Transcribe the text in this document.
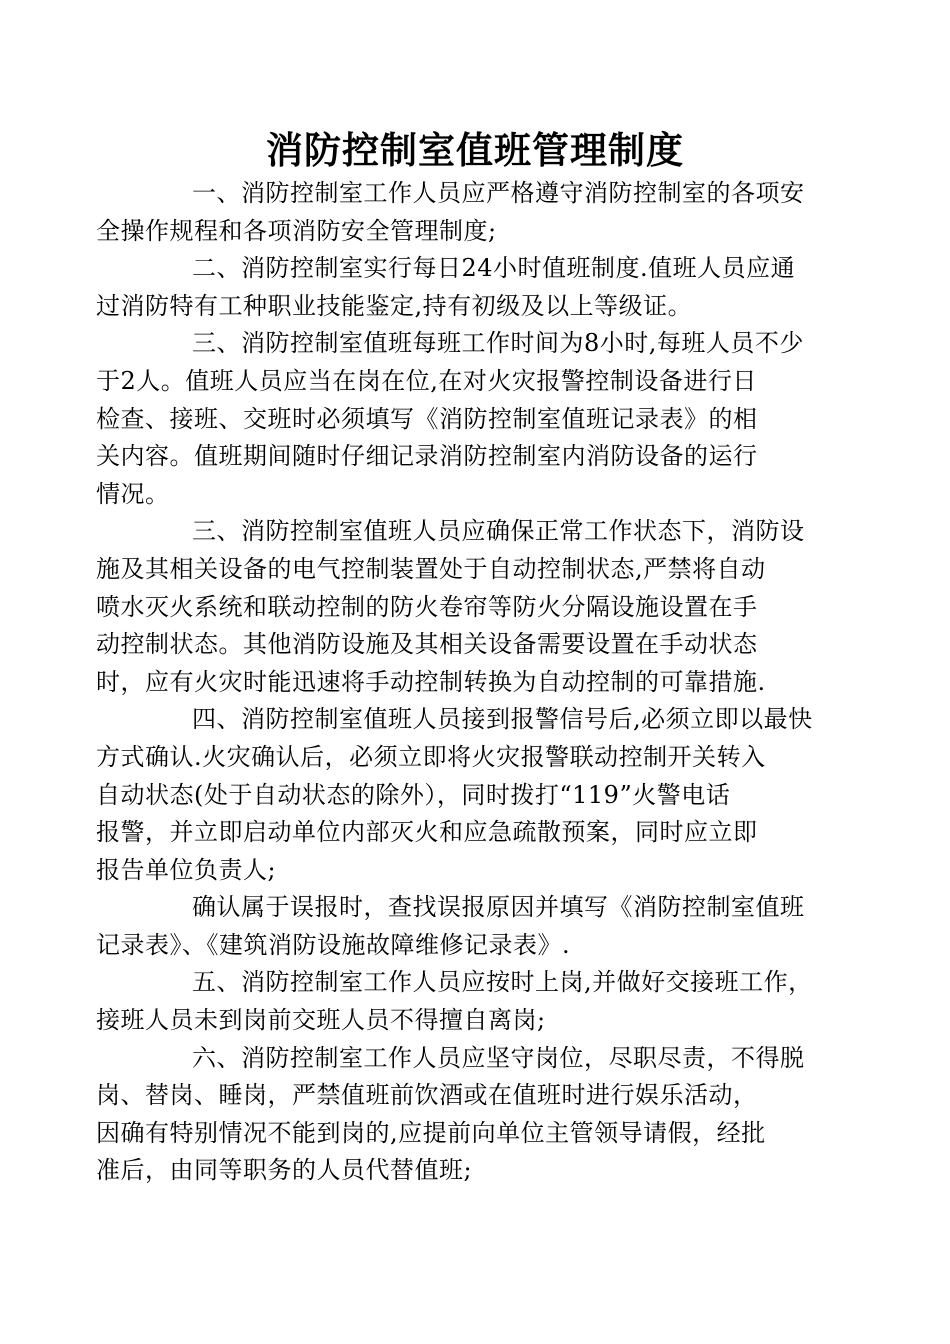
消防控制室值班管理制度
一、消防控制室工作人员应严格遵守消防控制室的各项安
全操作规程和各项消防安全管理制度;
二、消防控制室实行每日24小时值班制度.值班人员应通
过消防特有工种职业技能鉴定,持有初级及以上等级证。
三、消防控制室值班每班工作时间为8小时,每班人员不少
于2人。值班人员应当在岗在位,在对火灾报警控制设备进行日
检查、接班、交班时必须填写《消防控制室值班记录表》的相
关内容。值班期间随时仔细记录消防控制室内消防设备的运行
情况。
三、消防控制室值班人员应确保正常工作状态下，消防设
施及其相关设备的电气控制装置处于自动控制状态,严禁将自动
喷水灭火系统和联动控制的防火卷帘等防火分隔设施设置在手
动控制状态。其他消防设施及其相关设备需要设置在手动状态
时，应有火灾时能迅速将手动控制转换为自动控制的可靠措施.
四、消防控制室值班人员接到报警信号后,必须立即以最快
方式确认.火灾确认后，必须立即将火灾报警联动控制开关转入
自动状态(处于自动状态的除外），同时拨打“119”火警电话
报警，并立即启动单位内部灭火和应急疏散预案，同时应立即
报告单位负责人;
确认属于误报时，查找误报原因并填写《消防控制室值班
记录表》、《建筑消防设施故障维修记录表》.
五、消防控制室工作人员应按时上岗,并做好交接班工作，
接班人员未到岗前交班人员不得擅自离岗;
六、消防控制室工作人员应坚守岗位，尽职尽责，不得脱
岗、替岗、睡岗，严禁值班前饮酒或在值班时进行娱乐活动，
因确有特别情况不能到岗的,应提前向单位主管领导请假，经批
准后，由同等职务的人员代替值班;
